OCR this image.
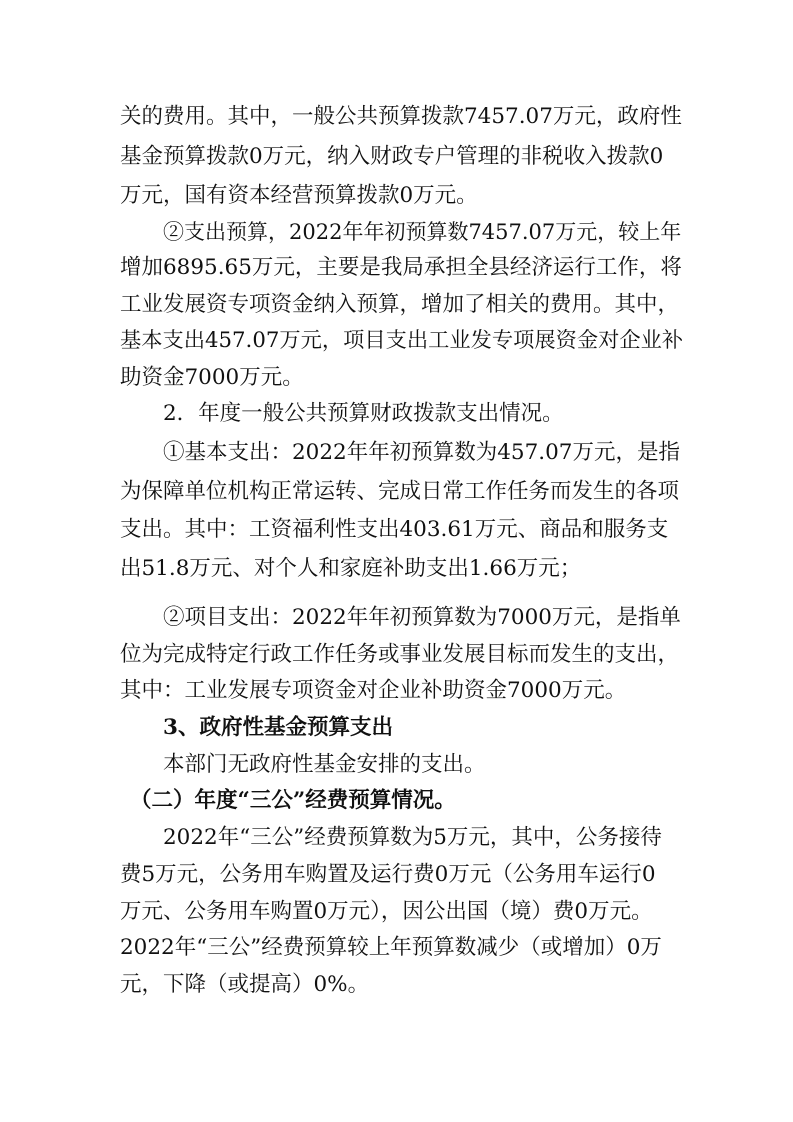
关的费用。其中，一般公共预算拨款7457.07万元，政府性
基金预算拨款0万元，纳入财政专户管理的非税收入拨款0
万元，国有资本经营预算拨款0万元。
②支出预算，2022年年初预算数7457.07万元，较上年
增加6895.65万元，主要是我局承担全县经济运行工作，将
工业发展资专项资金纳入预算，增加了相关的费用。其中，
基本支出457.07万元，项目支出工业发专项展资金对企业补
助资金7000万元。
2．年度一般公共预算财政拨款支出情况。
①基本支出：2022年年初预算数为457.07万元，是指
为保障单位机构正常运转、完成日常工作任务而发生的各项
支出。其中：工资福利性支出403.61万元、商品和服务支
出51.8万元、对个人和家庭补助支出1.66万元；
②项目支出：2022年年初预算数为7000万元，是指单
位为完成特定行政工作任务或事业发展目标而发生的支出，
其中：工业发展专项资金对企业补助资金7000万元。
3、政府性基金预算支出
本部门无政府性基金安排的支出。
（二）年度“三公”经费预算情况。
2022年“三公”经费预算数为5万元，其中，公务接待
费5万元，公务用车购置及运行费0万元（公务用车运行0
万元、公务用车购置0万元），因公出国（境）费0万元。
2022年“三公”经费预算较上年预算数减少（或增加）0万
元，下降（或提高）0%。
